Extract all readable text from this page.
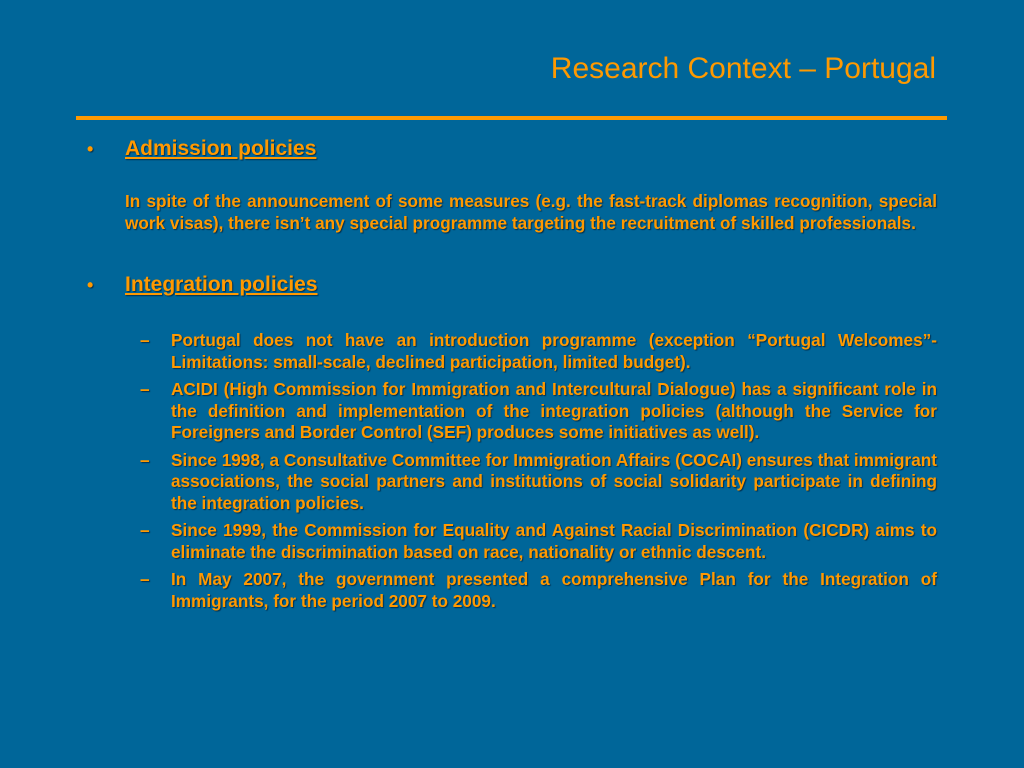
Research Context – Portugal
• Admission policies

In spite of the announcement of some measures (e.g. the fast-track diplomas recognition, special work visas), there isn’t any special programme targeting the recruitment of skilled professionals.

• Integration policies
– Portugal does not have an introduction programme (exception “Portugal Welcomes”- Limitations: small-scale, declined participation, limited budget).
– ACIDI (High Commission for Immigration and Intercultural Dialogue) has a significant role in the definition and implementation of the integration policies (although the Service for Foreigners and Border Control (SEF) produces some initiatives as well).
– Since 1998, a Consultative Committee for Immigration Affairs (COCAI) ensures that immigrant associations, the social partners and institutions of social solidarity participate in defining the integration policies.
– Since 1999, the Commission for Equality and Against Racial Discrimination (CICDR) aims to eliminate the discrimination based on race, nationality or ethnic descent.
– In May 2007, the government presented a comprehensive Plan for the Integration of Immigrants, for the period 2007 to 2009.
